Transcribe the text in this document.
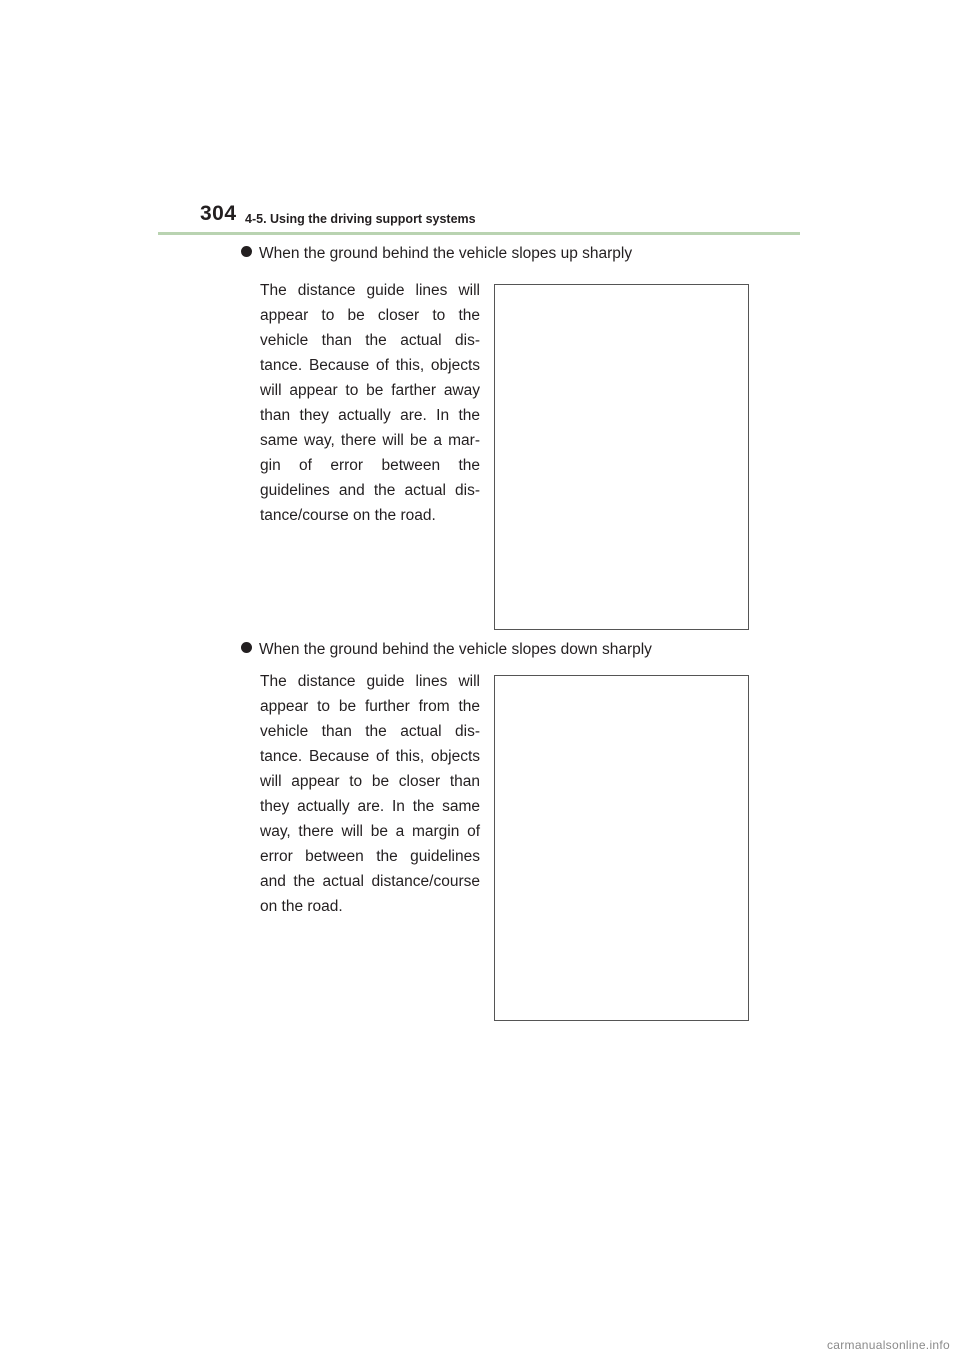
304 4-5. Using the driving support systems
When the ground behind the vehicle slopes up sharply
The distance guide lines will appear to be closer to the vehicle than the actual distance. Because of this, objects will appear to be farther away than they actually are. In the same way, there will be a margin of error between the guidelines and the actual distance/course on the road.
When the ground behind the vehicle slopes down sharply
The distance guide lines will appear to be further from the vehicle than the actual distance. Because of this, objects will appear to be closer than they actually are. In the same way, there will be a margin of error between the guidelines and the actual distance/course on the road.
carmanualsonline.info
